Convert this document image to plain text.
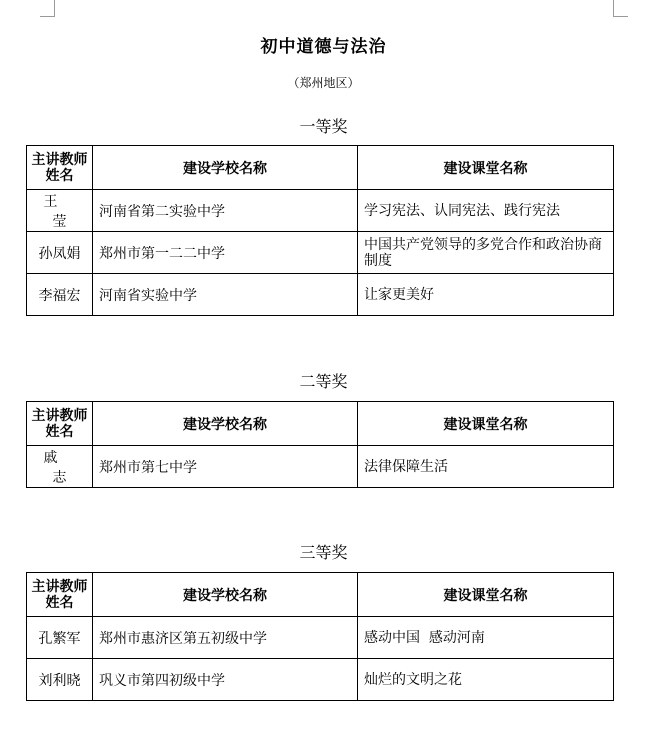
初中道德与法治
（郑州地区）
一等奖
主讲教师姓名	建设学校名称	建设课堂名称
王莹	河南省第二实验中学	学习宪法、认同宪法、践行宪法
孙凤娟	郑州市第一二二中学	中国共产党领导的多党合作和政治协商制度
李福宏	河南省实验中学	让家更美好
二等奖
主讲教师姓名	建设学校名称	建设课堂名称
戚志	郑州市第七中学	法律保障生活
三等奖
主讲教师姓名	建设学校名称	建设课堂名称
孔繁军	郑州市惠济区第五初级中学	感动中国  感动河南
刘利晓	巩义市第四初级中学	灿烂的文明之花
